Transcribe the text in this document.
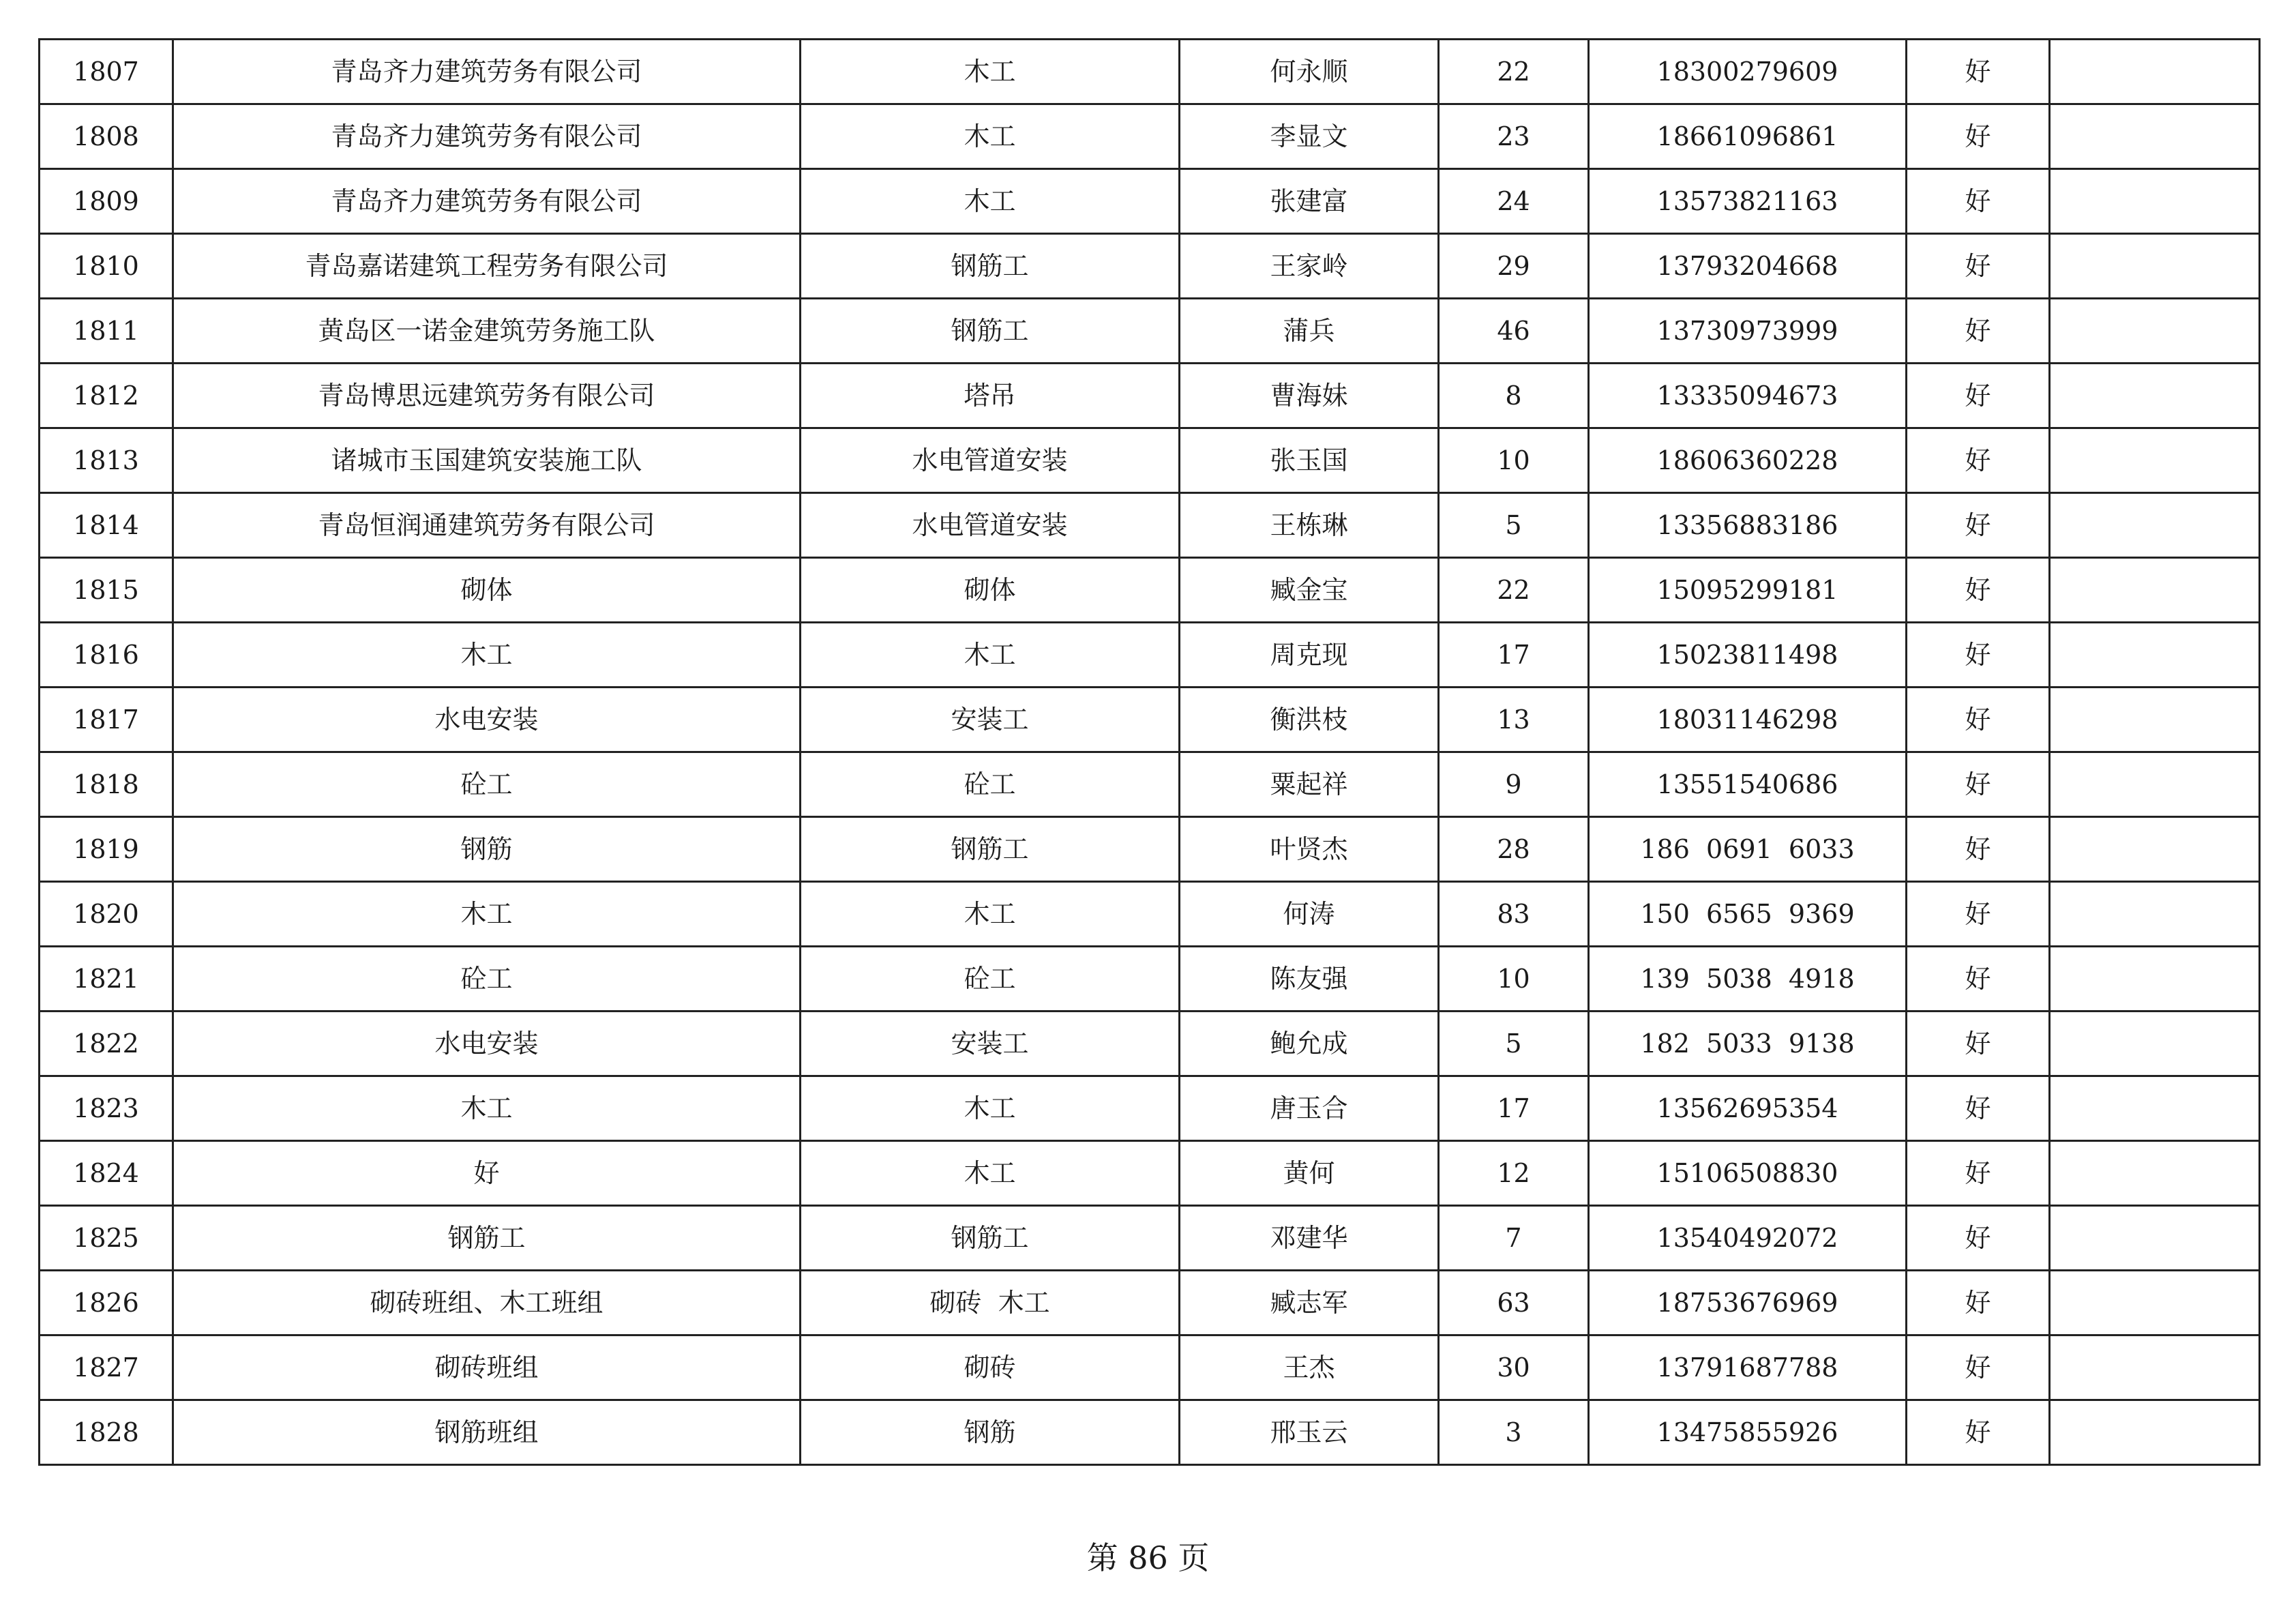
1807	青岛齐力建筑劳务有限公司	木工	何永顺	22	18300279609	好	
1808	青岛齐力建筑劳务有限公司	木工	李显文	23	18661096861	好	
1809	青岛齐力建筑劳务有限公司	木工	张建富	24	13573821163	好	
1810	青岛嘉诺建筑工程劳务有限公司	钢筋工	王家岭	29	13793204668	好	
1811	黄岛区一诺金建筑劳务施工队	钢筋工	蒲兵	46	13730973999	好	
1812	青岛博思远建筑劳务有限公司	塔吊	曹海妹	8	13335094673	好	
1813	诸城市玉国建筑安装施工队	水电管道安装	张玉国	10	18606360228	好	
1814	青岛恒润通建筑劳务有限公司	水电管道安装	王栋琳	5	13356883186	好	
1815	砌体	砌体	臧金宝	22	15095299181	好	
1816	木工	木工	周克现	17	15023811498	好	
1817	水电安装	安装工	衡洪枝	13	18031146298	好	
1818	砼工	砼工	粟起祥	9	13551540686	好	
1819	钢筋	钢筋工	叶贤杰	28	186  0691  6033	好	
1820	木工	木工	何涛	83	150  6565  9369	好	
1821	砼工	砼工	陈友强	10	139  5038  4918	好	
1822	水电安装	安装工	鲍允成	5	182  5033  9138	好	
1823	木工	木工	唐玉合	17	13562695354	好	
1824	好	木工	黄何	12	15106508830	好	
1825	钢筋工	钢筋工	邓建华	7	13540492072	好	
1826	砌砖班组、木工班组	砌砖  木工	臧志军	63	18753676969	好	
1827	砌砖班组	砌砖	王杰	30	13791687788	好	
1828	钢筋班组	钢筋	邢玉云	3	13475855926	好	
第 86 页
